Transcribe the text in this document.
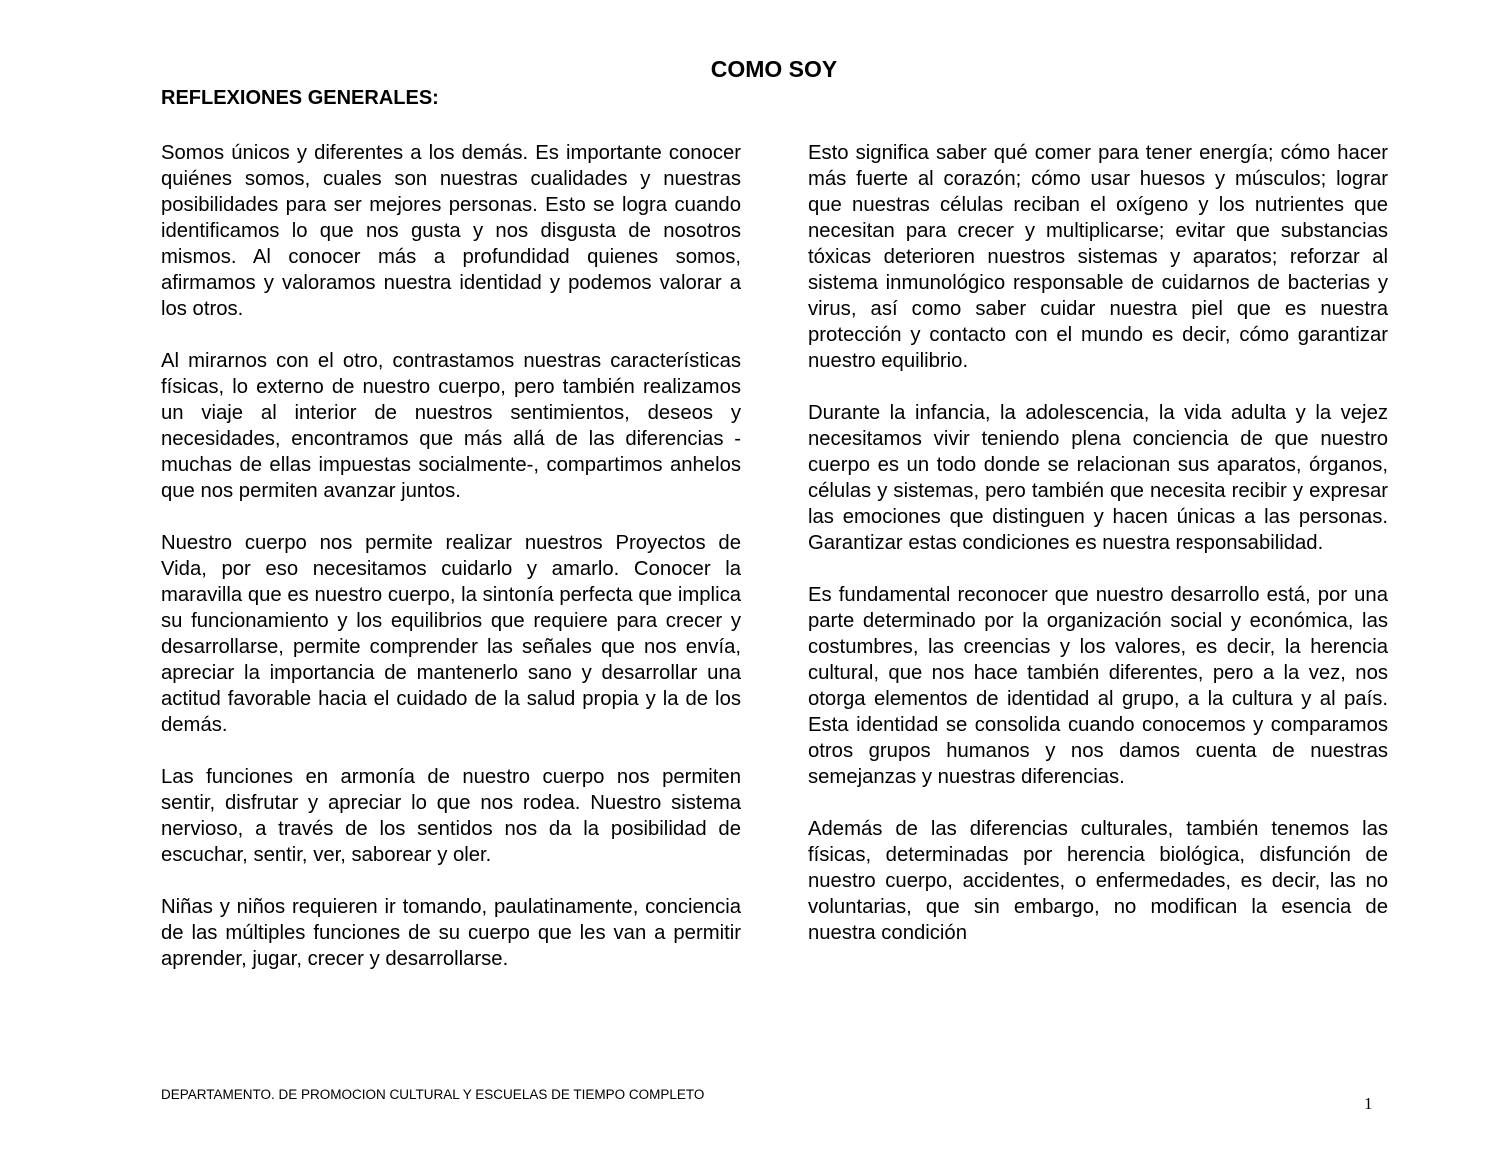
COMO SOY
REFLEXIONES GENERALES:

Somos únicos y diferentes a los demás. Es importante conocer quiénes somos, cuales son nuestras cualidades y nuestras posibilidades para ser mejores personas. Esto se logra cuando identificamos lo que nos gusta y nos disgusta de nosotros mismos. Al conocer más a profundidad quienes somos, afirmamos y valoramos nuestra identidad y podemos valorar a los otros.

Al mirarnos con el otro, contrastamos nuestras características físicas, lo externo de nuestro cuerpo, pero también realizamos un viaje al interior de nuestros sentimientos, deseos y necesidades, encontramos que más allá de las diferencias -muchas de ellas impuestas socialmente-, compartimos anhelos que nos permiten avanzar juntos.

Nuestro cuerpo nos permite realizar nuestros Proyectos de Vida, por eso necesitamos cuidarlo y amarlo. Conocer la maravilla que es nuestro cuerpo, la sintonía perfecta que implica su funcionamiento y los equilibrios que requiere para crecer y desarrollarse, permite comprender las señales que nos envía, apreciar la importancia de mantenerlo sano y desarrollar una actitud favorable hacia el cuidado de la salud propia y la de los demás.

Las funciones en armonía de nuestro cuerpo nos permiten sentir, disfrutar y apreciar lo que nos rodea. Nuestro sistema nervioso, a través de los sentidos nos da la posibilidad de escuchar, sentir, ver, saborear y oler.

Niñas y niños requieren ir tomando, paulatinamente, conciencia de las múltiples funciones de su cuerpo que les van a permitir aprender, jugar, crecer y desarrollarse.

Esto significa saber qué comer para tener energía; cómo hacer más fuerte al corazón; cómo usar huesos y músculos; lograr que nuestras células reciban el oxígeno y los nutrientes que necesitan para crecer y multiplicarse; evitar que substancias tóxicas deterioren nuestros sistemas y aparatos; reforzar al sistema inmunológico responsable de cuidarnos de bacterias y virus, así como saber cuidar nuestra piel que es nuestra protección y contacto con el mundo es decir, cómo garantizar nuestro equilibrio.

Durante la infancia, la adolescencia, la vida adulta y la vejez necesitamos vivir teniendo plena conciencia de que nuestro cuerpo es un todo donde se relacionan sus aparatos, órganos, células y sistemas, pero también que necesita recibir y expresar las emociones que distinguen y hacen únicas a las personas. Garantizar estas condiciones es nuestra responsabilidad.

Es fundamental reconocer que nuestro desarrollo está, por una parte determinado por la organización social y económica, las costumbres, las creencias y los valores, es decir, la herencia cultural, que nos hace también diferentes, pero a la vez, nos otorga elementos de identidad al grupo, a la cultura y al país. Esta identidad se consolida cuando conocemos y comparamos otros grupos humanos y nos damos cuenta de nuestras semejanzas y nuestras diferencias.

Además de las diferencias culturales, también tenemos las físicas, determinadas por herencia biológica, disfunción de nuestro cuerpo, accidentes, o enfermedades, es decir, las no voluntarias, que sin embargo, no modifican la esencia de nuestra condición

DEPARTAMENTO. DE PROMOCION CULTURAL Y ESCUELAS DE TIEMPO COMPLETO	1
